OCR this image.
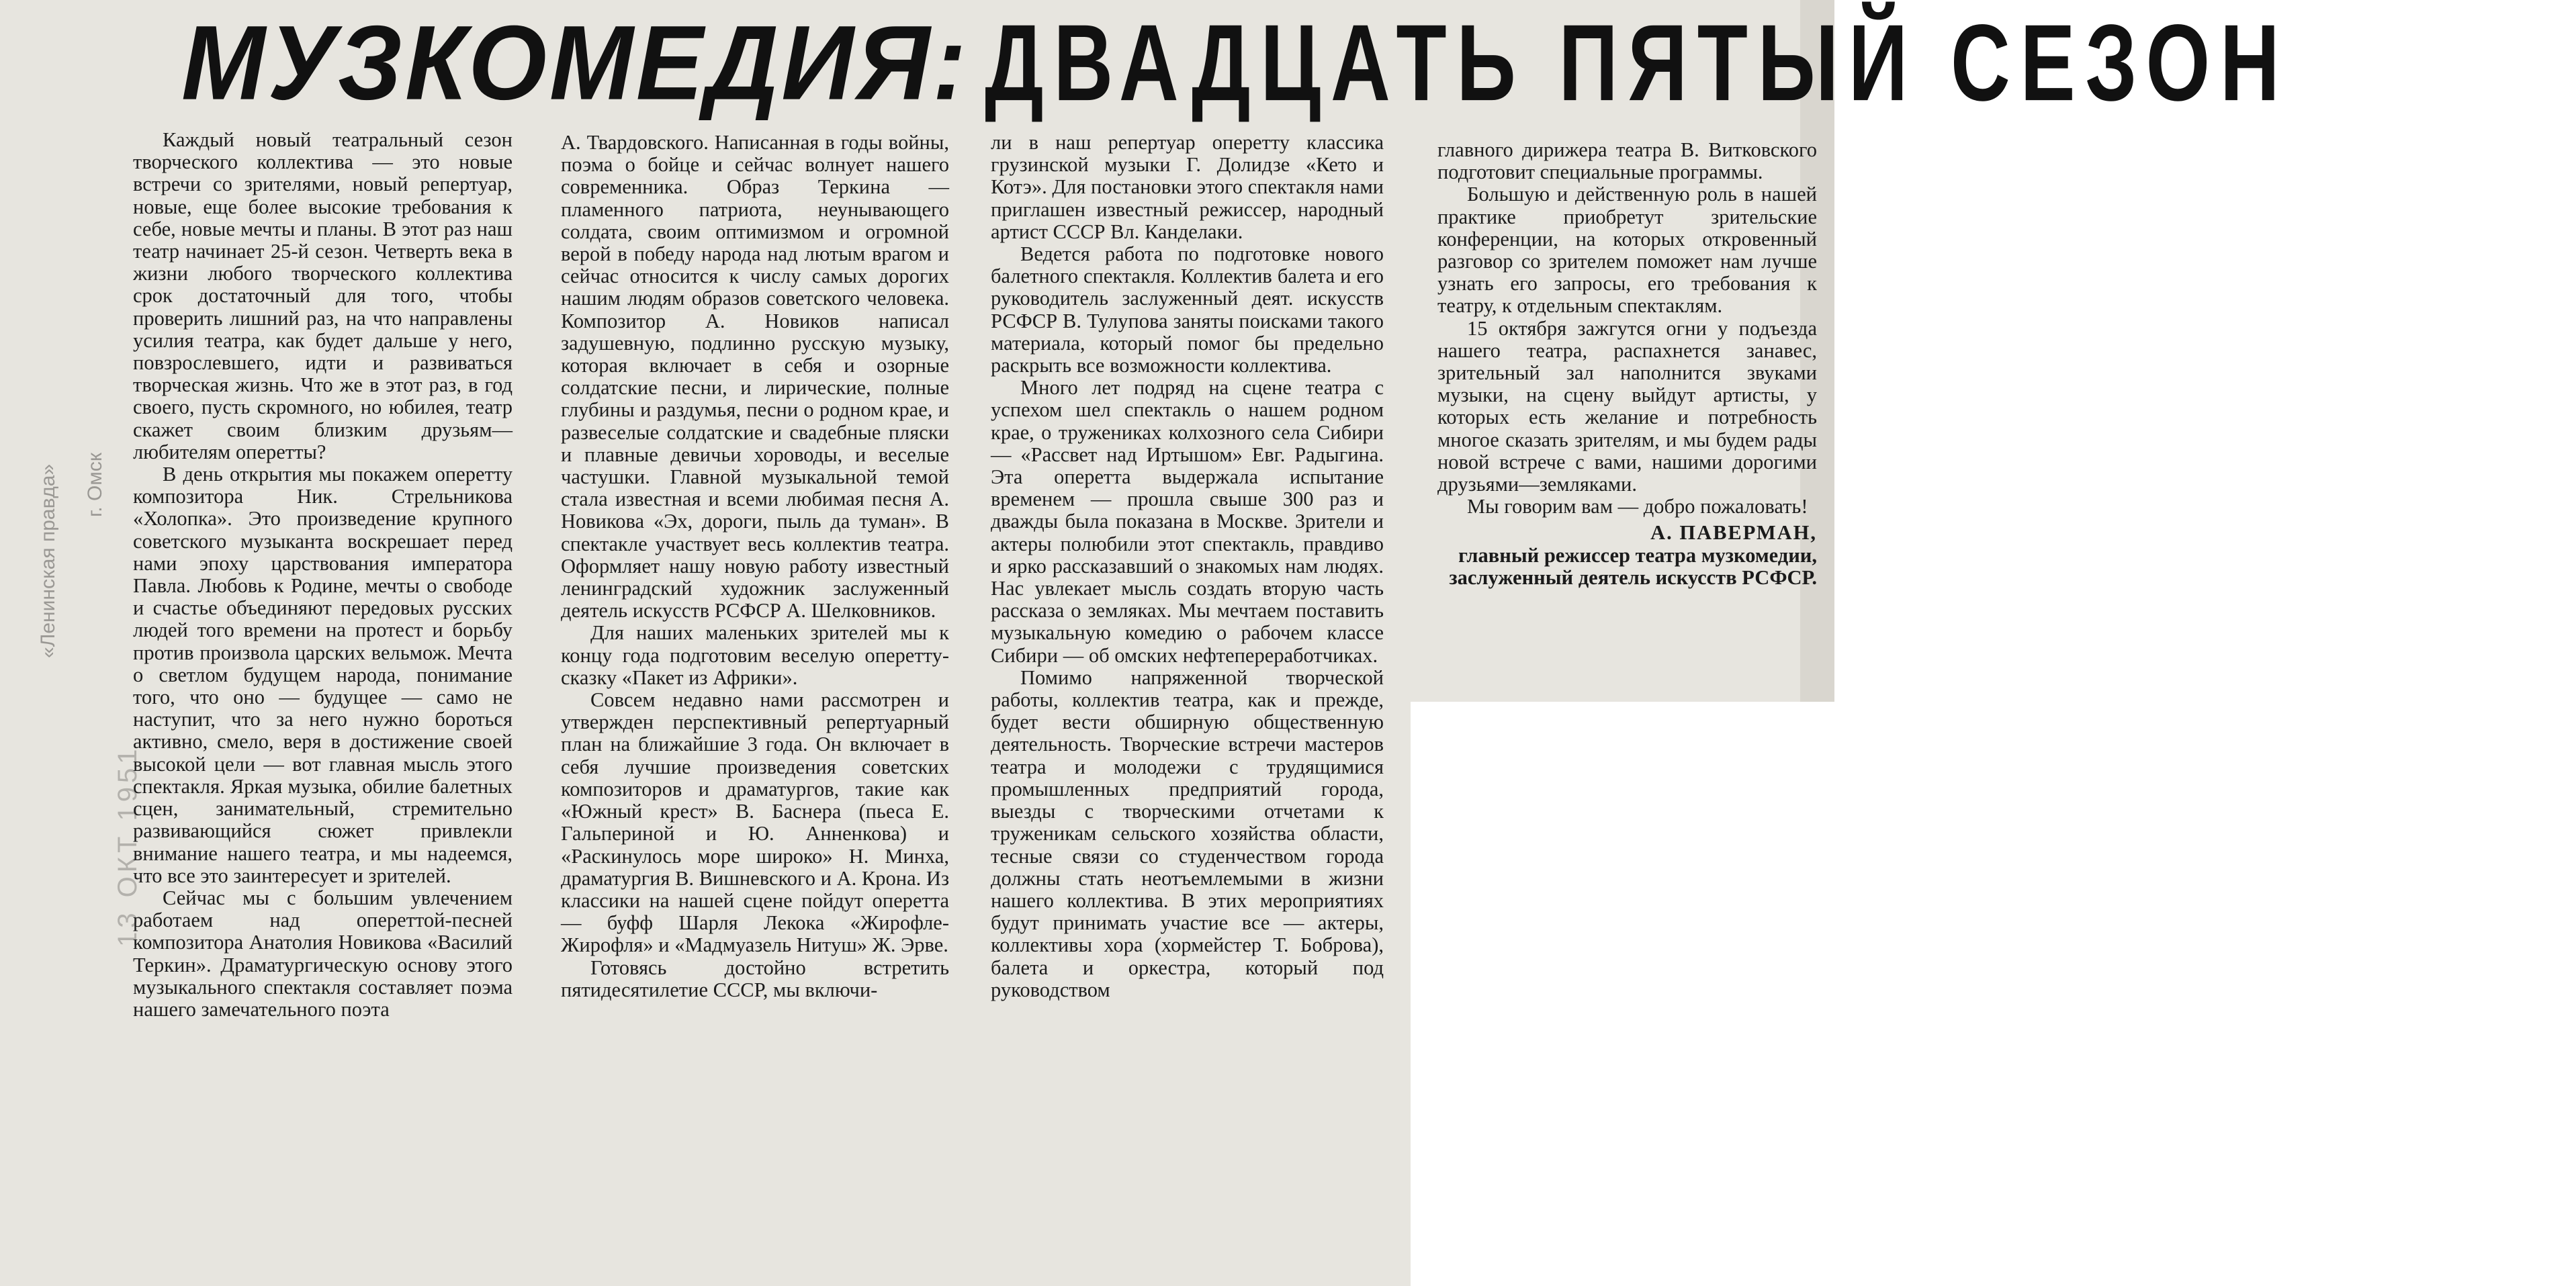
МУЗКОМЕДИЯ: ДВАДЦАТЬ ПЯТЫЙ СЕЗОН
«Ленинская правда» г. Омск
13 ОКТ 1951

Каждый новый театральный сезон творческого коллектива — это новые встречи со зрителями, новый репертуар, новые, еще более высокие требования к себе, новые мечты и планы. В этот раз наш театр начинает 25-й сезон. Четверть века в жизни любого творческого коллектива срок достаточный для того, чтобы проверить лишний раз, на что направлены усилия театра, как будет дальше у него, повзрослевшего, идти и развиваться творческая жизнь. Что же в этот раз, в год своего, пусть скромного, но юбилея, театр скажет своим близким друзьям—любителям оперетты?

В день открытия мы покажем оперетту композитора Ник. Стрельникова «Холопка». Это произведение крупного советского музыканта воскрешает перед нами эпоху царствования императора Павла. Любовь к Родине, мечты о свободе и счастье объединяют передовых русских людей того времени на протест и борьбу против произвола царских вельмож. Мечта о светлом будущем народа, понимание того, что оно — будущее — само не наступит, что за него нужно бороться активно, смело, веря в достижение своей высокой цели — вот главная мысль этого спектакля. Яркая музыка, обилие балетных сцен, занимательный, стремительно развивающийся сюжет привлекли внимание нашего театра, и мы надеемся, что все это заинтересует и зрителей.

Сейчас мы с большим увлечением работаем над опереттой-песней композитора Анатолия Новикова «Василий Теркин». Драматургическую основу этого музыкального спектакля составляет поэма нашего замечательного поэта

А. Твардовского. Написанная в годы войны, поэма о бойце и сейчас волнует нашего современника. Образ Теркина — пламенного патриота, неунывающего солдата, своим оптимизмом и огромной верой в победу народа над лютым врагом и сейчас относится к числу самых дорогих нашим людям образов советского человека. Композитор А. Новиков написал задушевную, подлинно русскую музыку, которая включает в себя и озорные солдатские песни, и лирические, полные глубины и раздумья, песни о родном крае, и развеселые солдатские и свадебные пляски и плавные девичьи хороводы, и веселые частушки. Главной музыкальной темой стала известная и всеми любимая песня А. Новикова «Эх, дороги, пыль да туман». В спектакле участвует весь коллектив театра. Оформляет нашу новую работу известный ленинградский художник заслуженный деятель искусств РСФСР А. Шелковников.

Для наших маленьких зрителей мы к концу года подготовим веселую оперетту-сказку «Пакет из Африки».

Совсем недавно нами рассмотрен и утвержден перспективный репертуарный план на ближайшие 3 года. Он включает в себя лучшие произведения советских композиторов и драматургов, такие как «Южный крест» В. Баснера (пьеса Е. Гальпериной и Ю. Анненкова) и «Раскинулось море широко» Н. Минха, драматургия В. Вишневского и А. Крона. Из классики на нашей сцене пойдут оперетта — буфф Шарля Лекока «Жирофле-Жирофля» и «Мадмуазель Нитуш» Ж. Эрве.

Готовясь достойно встретить пятидесятилетие СССР, мы включи-

ли в наш репертуар оперетту классика грузинской музыки Г. Долидзе «Кето и Котэ». Для постановки этого спектакля нами приглашен известный режиссер, народный артист СССР Вл. Канделаки.

Ведется работа по подготовке нового балетного спектакля. Коллектив балета и его руководитель заслуженный деят. искусств РСФСР В. Тулупова заняты поисками такого материала, который помог бы предельно раскрыть все возможности коллектива.

Много лет подряд на сцене театра с успехом шел спектакль о нашем родном крае, о тружениках колхозного села Сибири — «Рассвет над Иртышом» Евг. Радыгина. Эта оперетта выдержала испытание временем — прошла свыше 300 раз и дважды была показана в Москве. Зрители и актеры полюбили этот спектакль, правдиво и ярко рассказавший о знакомых нам людях. Нас увлекает мысль создать вторую часть рассказа о земляках. Мы мечтаем поставить музыкальную комедию о рабочем классе Сибири — об омских нефтепереработчиках.

Помимо напряженной творческой работы, коллектив театра, как и прежде, будет вести обширную общественную деятельность. Творческие встречи мастеров театра и молодежи с трудящимися промышленных предприятий города, выезды с творческими отчетами к труженикам сельского хозяйства области, тесные связи со студенчеством города должны стать неотъемлемыми в жизни нашего коллектива. В этих мероприятиях будут принимать участие все — актеры, коллективы хора (хормейстер Т. Боброва), балета и оркестра, который под руководством

главного дирижера театра В. Витковского подготовит специальные программы.

Большую и действенную роль в нашей практике приобретут зрительские конференции, на которых откровенный разговор со зрителем поможет нам лучше узнать его запросы, его требования к театру, к отдельным спектаклям.

15 октября зажгутся огни у подъезда нашего театра, распахнется занавес, зрительный зал наполнится звуками музыки, на сцену выйдут артисты, у которых есть желание и потребность многое сказать зрителям, и мы будем рады новой встрече с вами, нашими дорогими друзьями—земляками.

Мы говорим вам — добро пожаловать!

А. ПАВЕРМАН,

главный режиссер театра музкомедии, заслуженный деятель искусств РСФСР.
